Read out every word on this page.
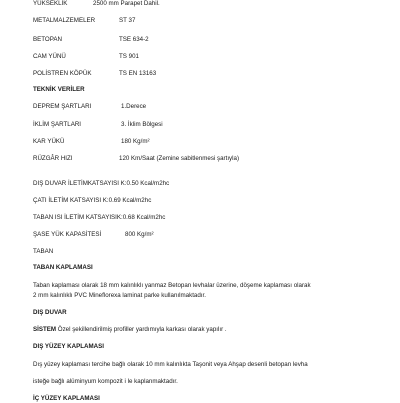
YÜKSEKLİK	2500 mm Parapet Dahil.
METALMALZEMELER	ST 37
BETOPAN	TSE 634-2
CAM YÜNÜ	TS 901
POLİSTREN KÖPÜK	TS EN 13163
TEKNİK VERİLER
DEPREM ŞARTLARI	1.Derece
İKLİM ŞARTLARI	3. İklim Bölgesi
KAR YÜKÜ	180 Kg/m²
RÜZGÂR HIZI	120 Km/Saat (Zemine sabitlenmesi şartıyla)
DIŞ DUVAR İLETİMKATSAYISI K:0.50 Kcal/m2hc
ÇATI İLETİM KATSAYISI K:0.69 Kcal/m2hc
TABAN ISI İLETİM KATSAYISIK:0.68 Kcal/m2hc
ŞASE YÜK KAPASİTESİ	800 Kg/m²
TABAN
TABAN KAPLAMASI
Taban kaplaması olarak 18 mm kalınlıklı yanmaz Betopan levhalar üzerine, döşeme kaplaması olarak
2 mm kalınlıklı PVC Mineflorexa laminat parke kullanılmaktadır.
DIŞ DUVAR
SİSTEM Özel şekillendirilmiş profiller yardımıyla karkası olarak yapılır .
DIŞ YÜZEY KAPLAMASI
Dış yüzey kaplaması tercihe bağlı olarak 10 mm kalınlıkta Taşonit veya Ahşap desenli betopan levha
isteğe bağlı alüminyum kompozit i le kaplanmaktadır.
İÇ YÜZEY KAPLAMASI
